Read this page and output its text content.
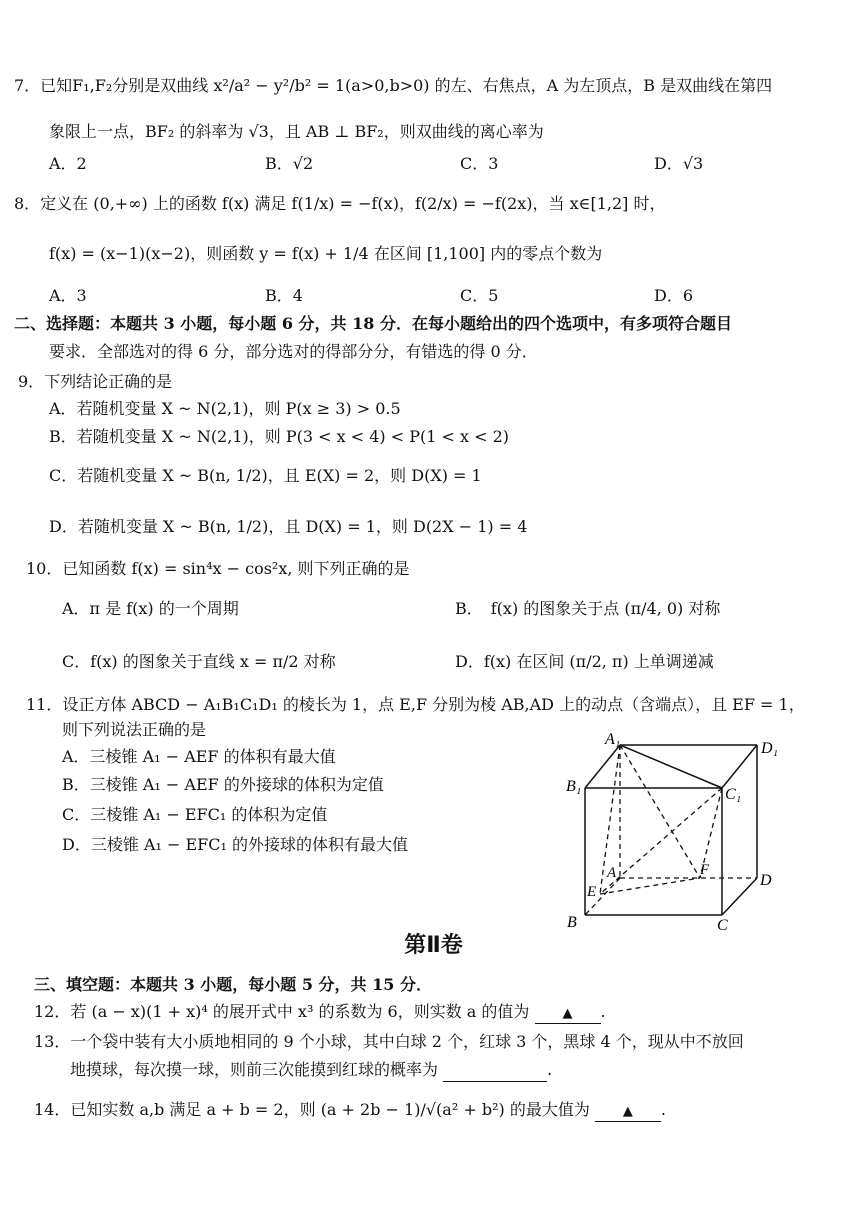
7．已知F₁,F₂分别是双曲线 x²/a² − y²/b² = 1(a>0,b>0) 的左、右焦点，A 为左顶点，B 是双曲线在第四
象限上一点，BF₂ 的斜率为 √3，且 AB ⊥ BF₂，则双曲线的离心率为
A．2	B．√2	C．3	D．√3
8．定义在 (0,+∞) 上的函数 f(x) 满足 f(1/x) = −f(x)，f(2/x) = −f(2x)，当 x∈[1,2] 时，
f(x) = (x−1)(x−2)，则函数 y = f(x) + 1/4 在区间 [1,100] 内的零点个数为
A．3	B．4	C．5	D．6
二、选择题：本题共 3 小题，每小题 6 分，共 18 分．在每小题给出的四个选项中，有多项符合题目
要求．全部选对的得 6 分，部分选对的得部分分，有错选的得 0 分．
9．下列结论正确的是
A．若随机变量 X ~ N(2,1)，则 P(x ≥ 3) > 0.5
B．若随机变量 X ~ N(2,1)，则 P(3 < x < 4) < P(1 < x < 2)
C．若随机变量 X ~ B(n, 1/2)，且 E(X) = 2，则 D(X) = 1
D．若随机变量 X ~ B(n, 1/2)，且 D(X) = 1，则 D(2X − 1) = 4
10．已知函数 f(x) = sin⁴x − cos²x, 则下列正确的是
A．π 是 f(x) 的一个周期	B．　f(x) 的图象关于点 (π/4, 0) 对称
C．f(x) 的图象关于直线 x = π/2 对称	D．f(x) 在区间 (π/2, π) 上单调递减
11．设正方体 ABCD − A₁B₁C₁D₁ 的棱长为 1，点 E,F 分别为棱 AB,AD 上的动点（含端点），且 EF = 1，
则下列说法正确的是
A．三棱锥 A₁ − AEF 的体积有最大值
B．三棱锥 A₁ − AEF 的外接球的体积为定值
C．三棱锥 A₁ − EFC₁ 的体积为定值
D．三棱锥 A₁ − EFC₁ 的外接球的体积有最大值
A₁
D₁
B₁	C₁
A
E
F
D
B	C
第Ⅱ卷
三、填空题：本题共 3 小题，每小题 5 分，共 15 分．
12．若 (a − x)(1 + x)⁴ 的展开式中 x³ 的系数为 6，则实数 a 的值为	▲ .
13．一个袋中装有大小质地相同的 9 个小球，其中白球 2 个，红球 3 个，黑球 4 个，现从中不放回
地摸球，每次摸一球，则前三次能摸到红球的概率为	.
14．已知实数 a,b 满足 a + b = 2，则 (a + 2b − 1)/√(a² + b²) 的最大值为	▲ .
